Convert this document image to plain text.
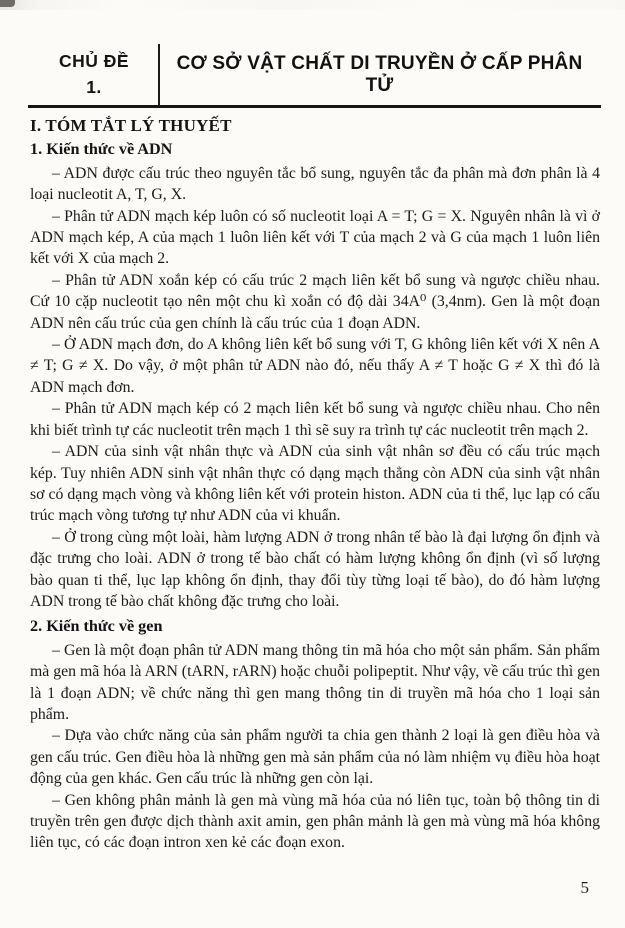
CHỦ ĐỀ
1.
CƠ SỞ VẬT CHẤT DI TRUYỀN Ở CẤP PHÂN TỬ
I. TÓM TẮT LÝ THUYẾT
1. Kiến thức về ADN

– ADN được cấu trúc theo nguyên tắc bổ sung, nguyên tắc đa phân mà đơn phân là 4 loại nucleotit A, T, G, X.

– Phân tử ADN mạch kép luôn có số nucleotit loại A = T; G = X. Nguyên nhân là vì ở ADN mạch kép, A của mạch 1 luôn liên kết với T của mạch 2 và G của mạch 1 luôn liên kết với X của mạch 2.

– Phân tử ADN xoắn kép có cấu trúc 2 mạch liên kết bổ sung và ngược chiều nhau. Cứ 10 cặp nucleotit tạo nên một chu kì xoắn có độ dài 34A⁰ (3,4nm). Gen là một đoạn ADN nên cấu trúc của gen chính là cấu trúc của 1 đoạn ADN.

– Ở ADN mạch đơn, do A không liên kết bổ sung với T, G không liên kết với X nên A ≠ T; G ≠ X. Do vậy, ở một phân tử ADN nào đó, nếu thấy A ≠ T hoặc G ≠ X thì đó là ADN mạch đơn.

– Phân tử ADN mạch kép có 2 mạch liên kết bổ sung và ngược chiều nhau. Cho nên khi biết trình tự các nucleotit trên mạch 1 thì sẽ suy ra trình tự các nucleotit trên mạch 2.

– ADN của sinh vật nhân thực và ADN của sinh vật nhân sơ đều có cấu trúc mạch kép. Tuy nhiên ADN sinh vật nhân thực có dạng mạch thẳng còn ADN của sinh vật nhân sơ có dạng mạch vòng và không liên kết với protein histon. ADN của ti thể, lục lạp có cấu trúc mạch vòng tương tự như ADN của vi khuẩn.

– Ở trong cùng một loài, hàm lượng ADN ở trong nhân tế bào là đại lượng ổn định và đặc trưng cho loài. ADN ở trong tế bào chất có hàm lượng không ổn định (vì số lượng bào quan ti thể, lục lạp không ổn định, thay đổi tùy từng loại tế bào), do đó hàm lượng ADN trong tế bào chất không đặc trưng cho loài.

2. Kiến thức về gen

– Gen là một đoạn phân tử ADN mang thông tin mã hóa cho một sản phẩm. Sản phẩm mà gen mã hóa là ARN (tARN, rARN) hoặc chuỗi polipeptit. Như vậy, về cấu trúc thì gen là 1 đoạn ADN; về chức năng thì gen mang thông tin di truyền mã hóa cho 1 loại sản phẩm.

– Dựa vào chức năng của sản phẩm người ta chia gen thành 2 loại là gen điều hòa và gen cấu trúc. Gen điều hòa là những gen mà sản phẩm của nó làm nhiệm vụ điều hòa hoạt động của gen khác. Gen cấu trúc là những gen còn lại.

– Gen không phân mảnh là gen mà vùng mã hóa của nó liên tục, toàn bộ thông tin di truyền trên gen được dịch thành axit amin, gen phân mảnh là gen mà vùng mã hóa không liên tục, có các đoạn intron xen kẻ các đoạn exon.

5
